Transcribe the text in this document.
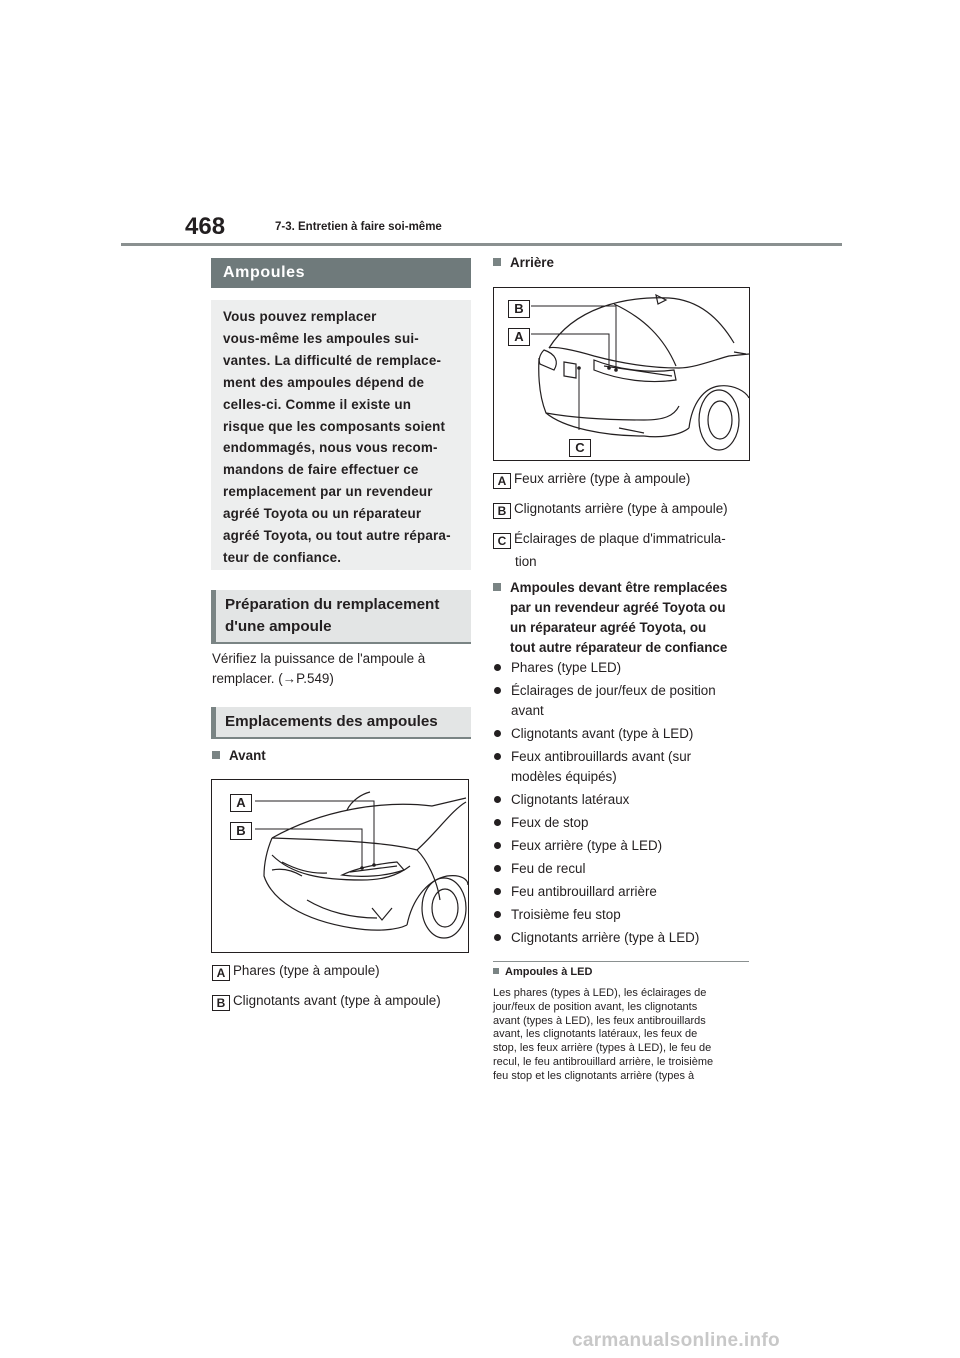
468	7-3. Entretien à faire soi-même
Ampoules
Vous pouvez remplacer
vous-même les ampoules sui-
vantes. La difficulté de remplace-
ment des ampoules dépend de
celles-ci. Comme il existe un
risque que les composants soient
endommagés, nous vous recom-
mandons de faire effectuer ce
remplacement par un revendeur
agréé Toyota ou un réparateur
agréé Toyota, ou tout autre répara-
teur de confiance.
Préparation du remplacement
d'une ampoule
Vérifiez la puissance de l'ampoule à
remplacer. (→P.549)
Emplacements des ampoules
Avant
A
B
A Phares (type à ampoule)
B Clignotants avant (type à ampoule)
Arrière
B
A
C
A Feux arrière (type à ampoule)
B Clignotants arrière (type à ampoule)
C Éclairages de plaque d'immatricula-
tion
Ampoules devant être remplacées
par un revendeur agréé Toyota ou
un réparateur agréé Toyota, ou
tout autre réparateur de confiance
Phares (type LED)
Éclairages de jour/feux de position
avant
Clignotants avant (type à LED)
Feux antibrouillards avant (sur
modèles équipés)
Clignotants latéraux
Feux de stop
Feux arrière (type à LED)
Feu de recul
Feu antibrouillard arrière
Troisième feu stop
Clignotants arrière (type à LED)
Ampoules à LED
Les phares (types à LED), les éclairages de
jour/feux de position avant, les clignotants
avant (types à LED), les feux antibrouillards
avant, les clignotants latéraux, les feux de
stop, les feux arrière (types à LED), le feu de
recul, le feu antibrouillard arrière, le troisième
feu stop et les clignotants arrière (types à
carmanualsonline.info
